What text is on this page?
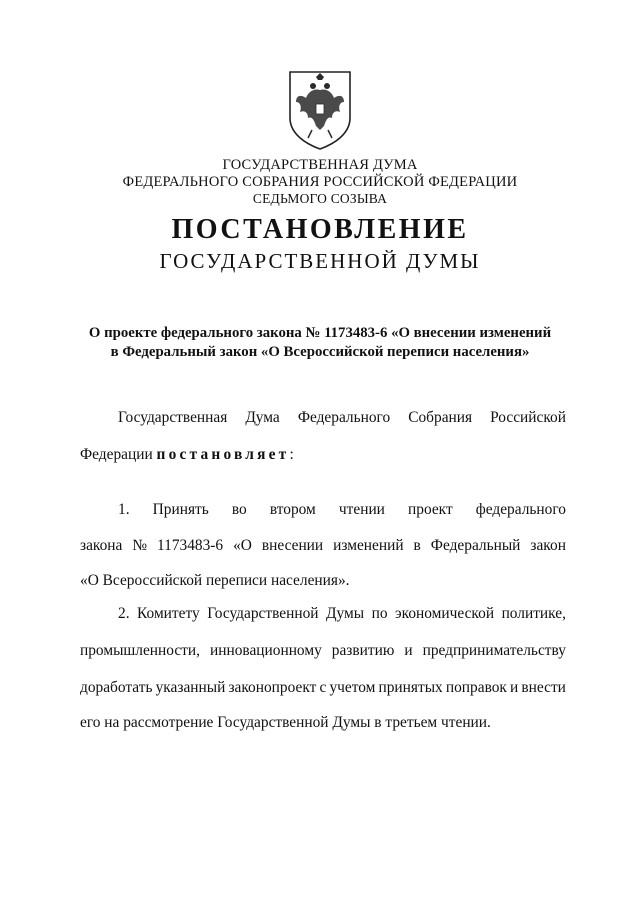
ГОСУДАРСТВЕННАЯ ДУМА
ФЕДЕРАЛЬНОГО СОБРАНИЯ РОССИЙСКОЙ ФЕДЕРАЦИИ
СЕДЬМОГО СОЗЫВА
ПОСТАНОВЛЕНИЕ
ГОСУДАРСТВЕННОЙ ДУМЫ
О проекте федерального закона № 1173483-6 «О внесении изменений
в Федеральный закон «О Всероссийской переписи населения»
Государственная Дума Федерального Собрания Российской
Федерации постановляет:
1. Принять во втором чтении проект федерального
закона № 1173483-6 «О внесении изменений в Федеральный закон
«О Всероссийской переписи населения».
2. Комитету Государственной Думы по экономической политике,
промышленности, инновационному развитию и предпринимательству
доработать указанный законопроект с учетом принятых поправок и внести
его на рассмотрение Государственной Думы в третьем чтении.
